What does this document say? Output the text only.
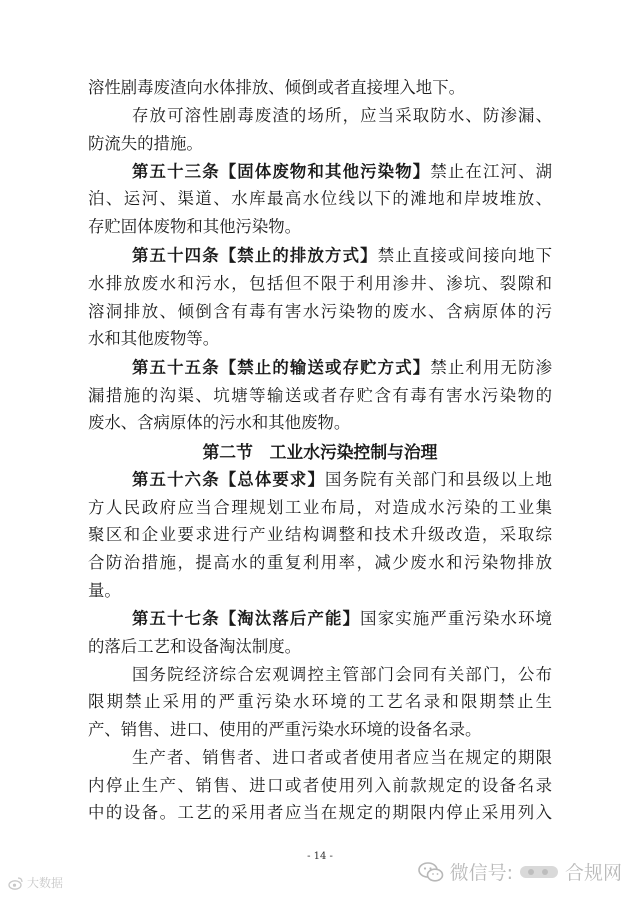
溶性剧毒废渣向水体排放、倾倒或者直接埋入地下。
存放可溶性剧毒废渣的场所，应当采取防水、防渗漏、
防流失的措施。
第五十三条【固体废物和其他污染物】禁止在江河、湖
泊、运河、渠道、水库最高水位线以下的滩地和岸坡堆放、
存贮固体废物和其他污染物。
第五十四条【禁止的排放方式】禁止直接或间接向地下
水排放废水和污水，包括但不限于利用渗井、渗坑、裂隙和
溶洞排放、倾倒含有毒有害水污染物的废水、含病原体的污
水和其他废物等。
第五十五条【禁止的输送或存贮方式】禁止利用无防渗
漏措施的沟渠、坑塘等输送或者存贮含有毒有害水污染物的
废水、含病原体的污水和其他废物。
第二节　工业水污染控制与治理
第五十六条【总体要求】国务院有关部门和县级以上地
方人民政府应当合理规划工业布局，对造成水污染的工业集
聚区和企业要求进行产业结构调整和技术升级改造，采取综
合防治措施，提高水的重复利用率，减少废水和污染物排放
量。
第五十七条【淘汰落后产能】国家实施严重污染水环境
的落后工艺和设备淘汰制度。
国务院经济综合宏观调控主管部门会同有关部门，公布
限期禁止采用的严重污染水环境的工艺名录和限期禁止生
产、销售、进口、使用的严重污染水环境的设备名录。
生产者、销售者、进口者或者使用者应当在规定的期限
内停止生产、销售、进口或者使用列入前款规定的设备名录
中的设备。工艺的采用者应当在规定的期限内停止采用列入
- 14 -
大数据	微信号:	合规网
